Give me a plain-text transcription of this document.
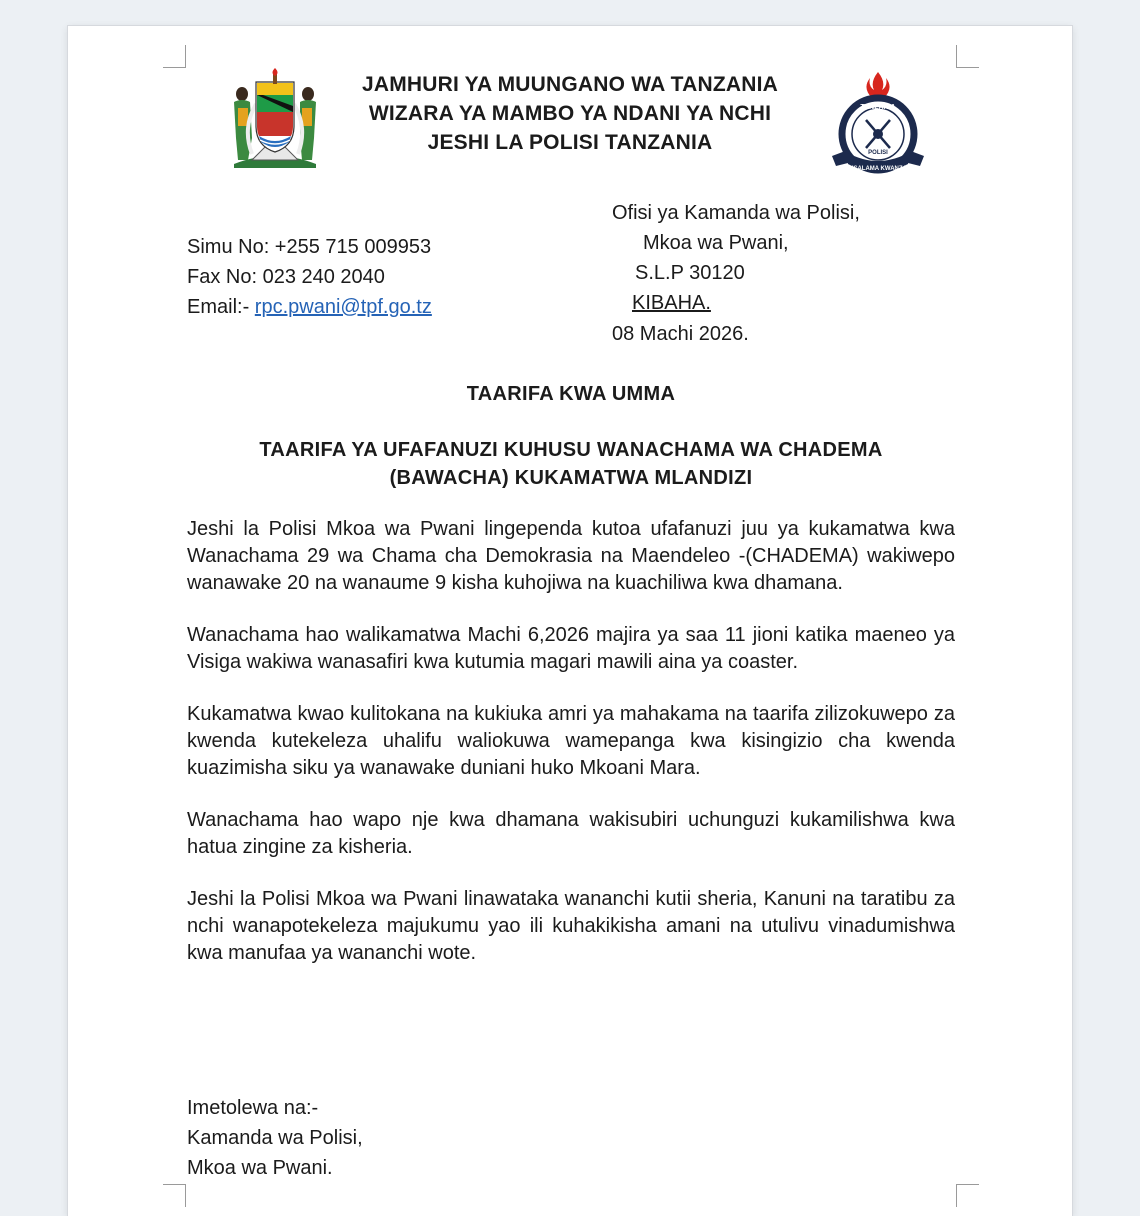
TANZANIA
POLISI
USALAMA KWANZA
JAMHURI YA MUUNGANO WA TANZANIA
WIZARA YA MAMBO YA NDANI YA NCHI
JESHI LA POLISI TANZANIA
Simu No: +255 715 009953
Fax No: 023 240 2040
Email:- rpc.pwani@tpf.go.tz
Ofisi ya Kamanda wa Polisi,
Mkoa wa Pwani,
S.L.P 30120
KIBAHA.
08 Machi 2026.
TAARIFA KWA UMMA
TAARIFA YA UFAFANUZI KUHUSU WANACHAMA WA CHADEMA
(BAWACHA) KUKAMATWA MLANDIZI

Jeshi la Polisi Mkoa wa Pwani lingependa kutoa ufafanuzi juu ya kukamatwa kwa Wanachama 29 wa Chama cha Demokrasia na Maendeleo -(CHADEMA) wakiwepo wanawake 20 na wanaume 9 kisha kuhojiwa na kuachiliwa kwa dhamana.

Wanachama hao walikamatwa Machi 6,2026 majira ya saa 11 jioni katika maeneo ya Visiga wakiwa wanasafiri kwa kutumia magari mawili aina ya coaster.

Kukamatwa kwao kulitokana na kukiuka amri ya mahakama na taarifa zilizokuwepo za kwenda kutekeleza uhalifu waliokuwa wamepanga kwa kisingizio cha kwenda kuazimisha siku ya wanawake duniani huko Mkoani Mara.

Wanachama hao wapo nje kwa dhamana wakisubiri uchunguzi kukamilishwa kwa hatua zingine za kisheria.

Jeshi la Polisi Mkoa wa Pwani linawataka wananchi kutii sheria, Kanuni na taratibu za nchi wanapotekeleza majukumu yao ili kuhakikisha amani na utulivu vinadumishwa kwa manufaa ya wananchi wote.

Imetolewa na:-
Kamanda wa Polisi,
Mkoa wa Pwani.
